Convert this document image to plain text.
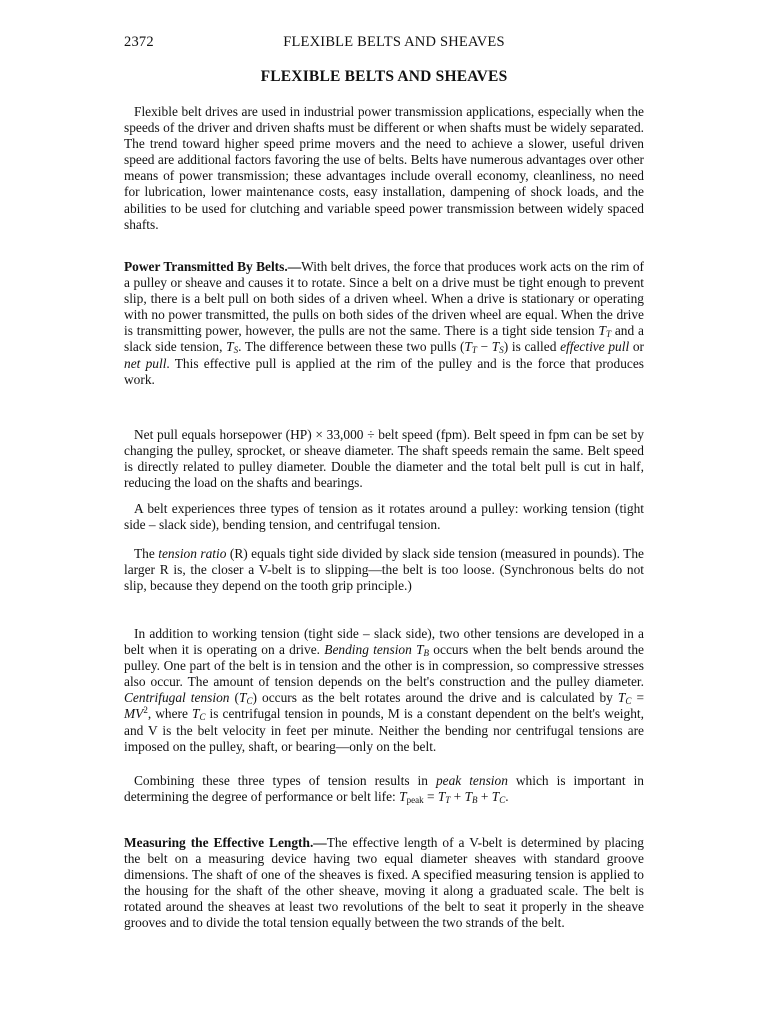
2372	FLEXIBLE BELTS AND SHEAVES
FLEXIBLE BELTS AND SHEAVES

Flexible belt drives are used in industrial power transmission applications, especially when the speeds of the driver and driven shafts must be different or when shafts must be widely separated. The trend toward higher speed prime movers and the need to achieve a slower, useful driven speed are additional factors favoring the use of belts. Belts have numerous advantages over other means of power transmission; these advantages include overall economy, cleanliness, no need for lubrication, lower maintenance costs, easy installation, dampening of shock loads, and the abilities to be used for clutching and variable speed power transmission between widely spaced shafts.

Power Transmitted By Belts.—With belt drives, the force that produces work acts on the rim of a pulley or sheave and causes it to rotate. Since a belt on a drive must be tight enough to prevent slip, there is a belt pull on both sides of a driven wheel. When a drive is stationary or operating with no power transmitted, the pulls on both sides of the driven wheel are equal. When the drive is transmitting power, however, the pulls are not the same. There is a tight side tension $T_T$ and a slack side tension, $T_S$. The difference between these two pulls $(T_T - T_S)$ is called effective pull or net pull. This effective pull is applied at the rim of the pulley and is the force that produces work.

Net pull equals horsepower (HP) × 33,000 ÷ belt speed (fpm). Belt speed in fpm can be set by changing the pulley, sprocket, or sheave diameter. The shaft speeds remain the same. Belt speed is directly related to pulley diameter. Double the diameter and the total belt pull is cut in half, reducing the load on the shafts and bearings.

A belt experiences three types of tension as it rotates around a pulley: working tension (tight side – slack side), bending tension, and centrifugal tension.

The tension ratio (R) equals tight side divided by slack side tension (measured in pounds). The larger R is, the closer a V-belt is to slipping—the belt is too loose. (Synchronous belts do not slip, because they depend on the tooth grip principle.)

In addition to working tension (tight side – slack side), two other tensions are developed in a belt when it is operating on a drive. Bending tension $T_B$ occurs when the belt bends around the pulley. One part of the belt is in tension and the other is in compression, so compressive stresses also occur. The amount of tension depends on the belt's construction and the pulley diameter. Centrifugal tension $(T_C)$ occurs as the belt rotates around the drive and is calculated by $T_C = MV^2$, where $T_C$ is centrifugal tension in pounds, M is a constant dependent on the belt's weight, and V is the belt velocity in feet per minute. Neither the bending nor centrifugal tensions are imposed on the pulley, shaft, or bearing—only on the belt.

Combining these three types of tension results in peak tension which is important in determining the degree of performance or belt life: $T_{peak} = T_T + T_B + T_C$.

Measuring the Effective Length.—The effective length of a V-belt is determined by placing the belt on a measuring device having two equal diameter sheaves with standard groove dimensions. The shaft of one of the sheaves is fixed. A specified measuring tension is applied to the housing for the shaft of the other sheave, moving it along a graduated scale. The belt is rotated around the sheaves at least two revolutions of the belt to seat it properly in the sheave grooves and to divide the total tension equally between the two strands of the belt.
